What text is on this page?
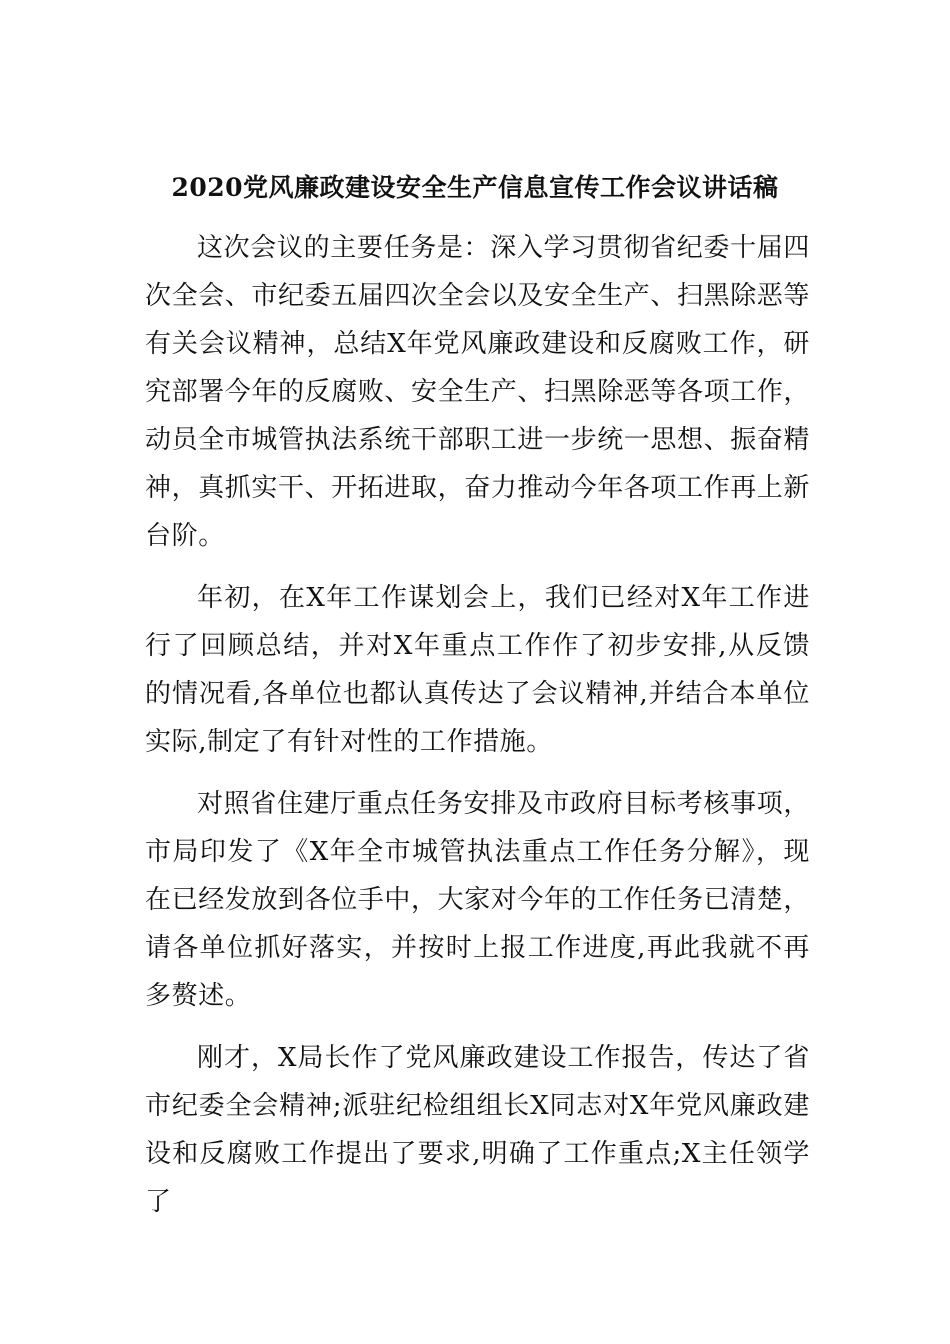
2020党风廉政建设安全生产信息宣传工作会议讲话稿

这次会议的主要任务是：深入学习贯彻省纪委十届四次全会、市纪委五届四次全会以及安全生产、扫黑除恶等有关会议精神，总结X年党风廉政建设和反腐败工作，研究部署今年的反腐败、安全生产、扫黑除恶等各项工作，动员全市城管执法系统干部职工进一步统一思想、振奋精神，真抓实干、开拓进取，奋力推动今年各项工作再上新台阶。

年初，在X年工作谋划会上，我们已经对X年工作进行了回顾总结，并对X年重点工作作了初步安排,从反馈的情况看,各单位也都认真传达了会议精神,并结合本单位实际,制定了有针对性的工作措施。

对照省住建厅重点任务安排及市政府目标考核事项，市局印发了《X年全市城管执法重点工作任务分解》，现在已经发放到各位手中，大家对今年的工作任务已清楚，请各单位抓好落实，并按时上报工作进度,再此我就不再多赘述。

刚才，X局长作了党风廉政建设工作报告，传达了省市纪委全会精神;派驻纪检组组长X同志对X年党风廉政建设和反腐败工作提出了要求,明确了工作重点;X主任领学了
